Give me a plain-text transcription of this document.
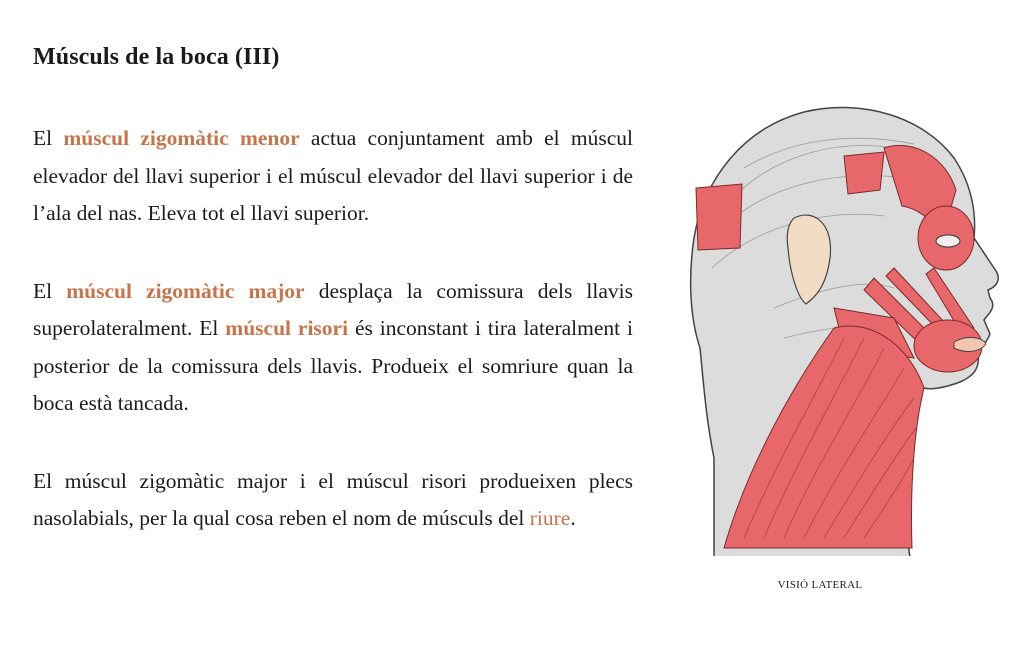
Músculs de la boca (III)

El múscul zigomàtic menor actua conjuntament amb el múscul elevador del llavi superior i el múscul elevador del llavi superior i de l’ala del nas. Eleva tot el llavi superior.

El múscul zigomàtic major desplaça la comissura dels llavis superolateralment. El múscul risori és inconstant i tira lateralment i posterior de la comissura dels llavis. Produeix el somriure quan la boca està tancada.

El múscul zigomàtic major i el múscul risori produeixen plecs nasolabials, per la qual cosa reben el nom de músculs del riure.

VISIÓ LATERAL
